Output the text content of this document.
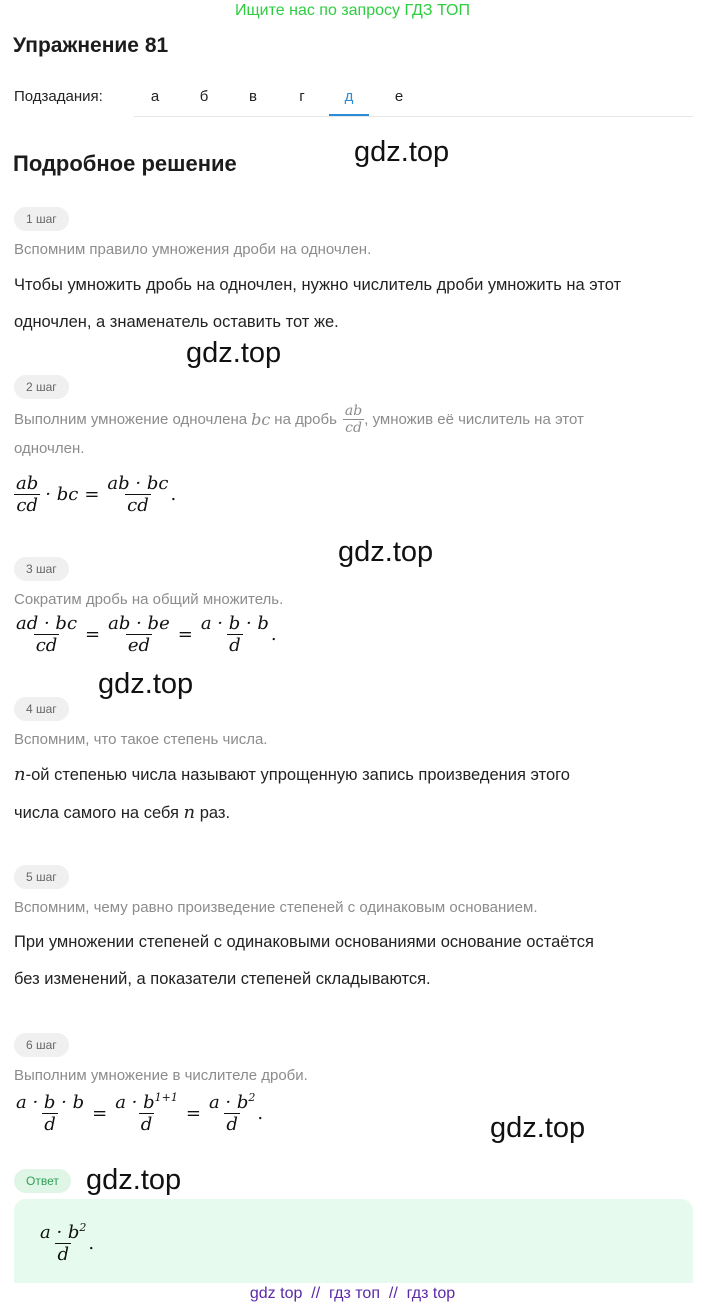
Ищите нас по запросу ГДЗ ТОП
Упражнение 81
Подзадания:	а	б	в	г	д	е
Подробное решение	gdz.top
gdz.top
gdz.top
gdz.top
gdz.top
gdz.top
1 шаг
Вспомним правило умножения дроби на одночлен.
Чтобы умножить дробь на одночлен, нужно числитель дроби умножить на этот
одночлен, а знаменатель оставить тот же.
2 шаг
Выполним умножение одночлена bc на дробь $\frac{ab}{cd}$ , умножив её числитель на этот
одночлен.
$\frac{ab}{cd}$ · bc = $\frac{ab \cdot bc}{cd}$ .
3 шаг
Сократим дробь на общий множитель.
$\frac{ad \cdot bc}{cd} = \frac{ab \cdot be}{ed} = \frac{a \cdot b \cdot b}{d}$ .
4 шаг
Вспомним, что такое степень числа.
n-ой степенью числа называют упрощенную запись произведения этого
числа самого на себя n раз.
5 шаг
Вспомним, чему равно произведение степеней с одинаковым основанием.
При умножении степеней с одинаковыми основаниями основание остаётся
без изменений, а показатели степеней складываются.
6 шаг
Выполним умножение в числителе дроби.
$\frac{a \cdot b \cdot b}{d} = \frac{a \cdot b^{1+1}}{d} = \frac{a \cdot b^2}{d}$ .
Ответ
$\frac{a \cdot b^2}{d}$ .
gdz top  //  гдз топ  //  гдз top
